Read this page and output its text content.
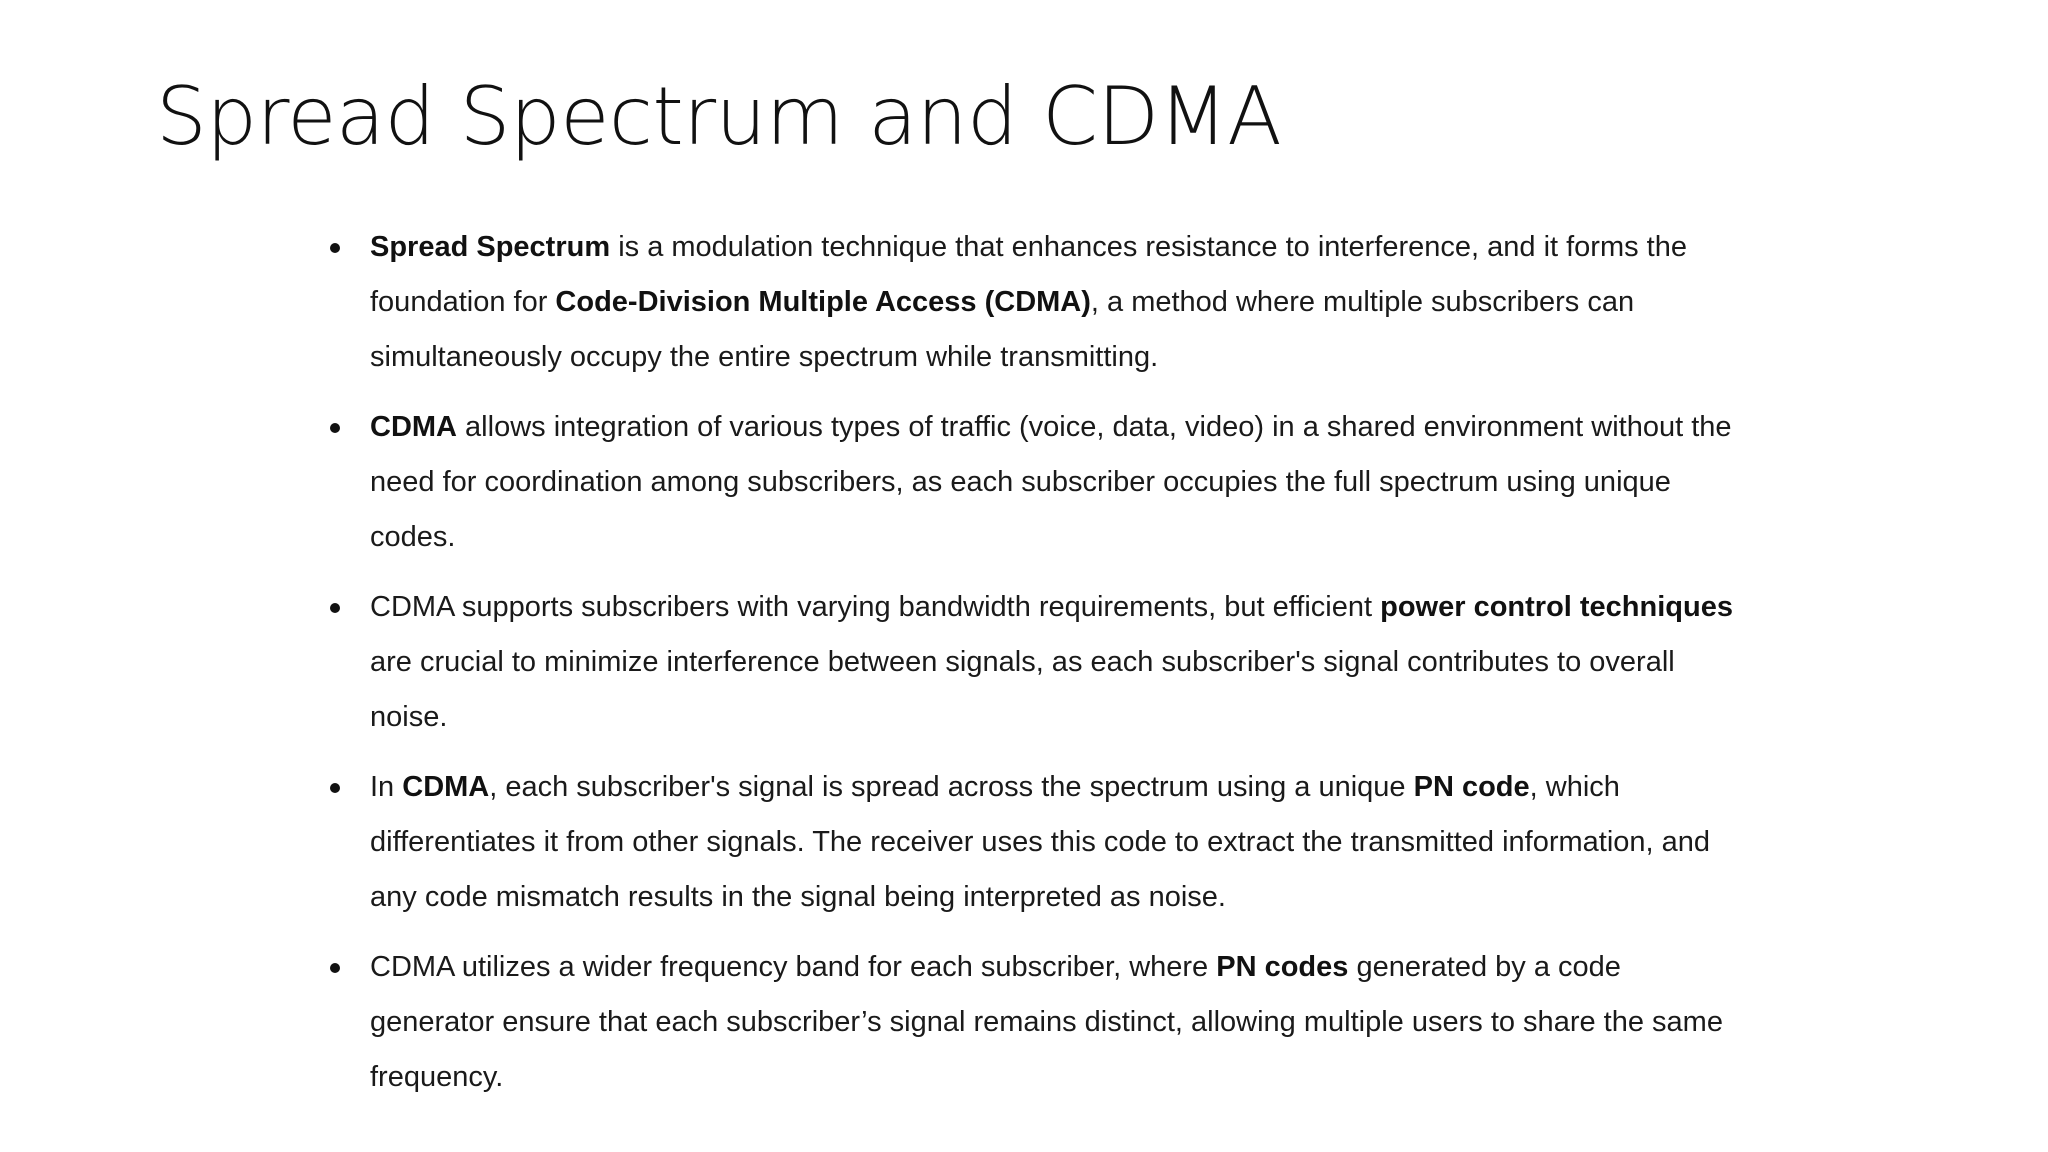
Spread Spectrum and CDMA
Spread Spectrum is a modulation technique that enhances resistance to interference, and it forms the foundation for Code-Division Multiple Access (CDMA), a method where multiple subscribers can simultaneously occupy the entire spectrum while transmitting.
CDMA allows integration of various types of traffic (voice, data, video) in a shared environment without the need for coordination among subscribers, as each subscriber occupies the full spectrum using unique codes.
CDMA supports subscribers with varying bandwidth requirements, but efficient power control techniques are crucial to minimize interference between signals, as each subscriber's signal contributes to overall noise.
In CDMA, each subscriber's signal is spread across the spectrum using a unique PN code, which differentiates it from other signals. The receiver uses this code to extract the transmitted information, and any code mismatch results in the signal being interpreted as noise.
CDMA utilizes a wider frequency band for each subscriber, where PN codes generated by a code generator ensure that each subscriber’s signal remains distinct, allowing multiple users to share the same frequency.
